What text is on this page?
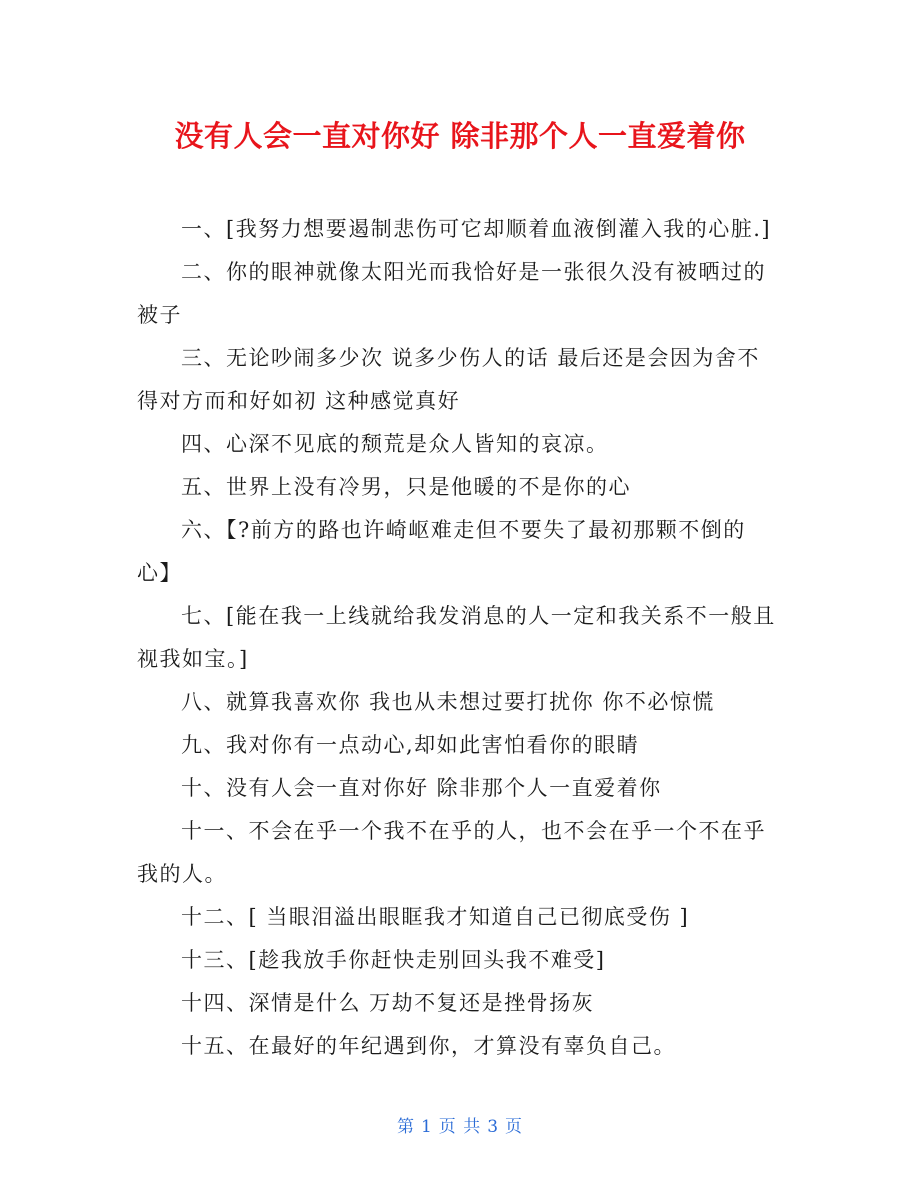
没有人会一直对你好 除非那个人一直爱着你

一、[我努力想要遏制悲伤可它却顺着血液倒灌入我的心脏.]

二、你的眼神就像太阳光而我恰好是一张很久没有被晒过的被子

三、无论吵闹多少次 说多少伤人的话 最后还是会因为舍不得对方而和好如初 这种感觉真好

四、心深不见底的颓荒是众人皆知的哀凉。

五、世界上没有冷男，只是他暖的不是你的心

六、【?前方的路也许崎岖难走但不要失了最初那颗不倒的心】

七、[能在我一上线就给我发消息的人一定和我关系不一般且视我如宝。]

八、就算我喜欢你 我也从未想过要打扰你 你不必惊慌

九、我对你有一点动心,却如此害怕看你的眼睛

十、没有人会一直对你好 除非那个人一直爱着你

十一、不会在乎一个我不在乎的人，也不会在乎一个不在乎我的人。

十二、[ 当眼泪溢出眼眶我才知道自己已彻底受伤 ]

十三、[趁我放手你赶快走别回头我不难受]

十四、深情是什么 万劫不复还是挫骨扬灰

十五、在最好的年纪遇到你，才算没有辜负自己。

第 1 页 共 3 页
